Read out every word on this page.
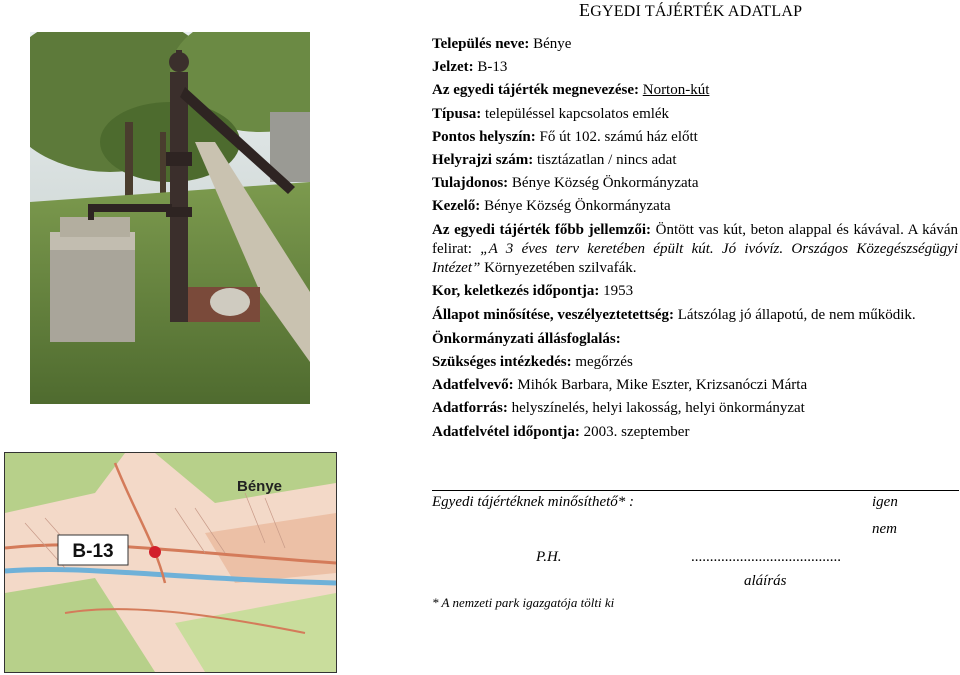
EGYEDI TÁJÉRTÉK ADATLAP
B-13
Bénye

Település neve: Bénye

Jelzet: B-13

Az egyedi tájérték megnevezése: Norton-kút

Típusa: településsel kapcsolatos emlék

Pontos helyszín: Fő út 102. számú ház előtt

Helyrajzi szám: tisztázatlan / nincs adat

Tulajdonos: Bénye Község Önkormányzata

Kezelő: Bénye Község Önkormányzata

Az egyedi tájérték főbb jellemzői: Öntött vas kút, beton alappal és kávával. A káván felirat: „A 3 éves terv keretében épült kút. Jó ivóvíz. Országos Közegészségügyi Intézet” Környezetében szilvafák.

Kor, keletkezés időpontja: 1953

Állapot minősítése, veszélyeztetettség: Látszólag jó állapotú, de nem működik.

Önkormányzati állásfoglalás:

Szükséges intézkedés: megőrzés

Adatfelvevő: Mihók Barbara, Mike Eszter, Krizsanóczi Márta

Adatforrás: helyszínelés, helyi lakosság, helyi önkormányzat

Adatfelvétel időpontja: 2003. szeptember

Egyedi tájértéknek minősíthető* :	igen
nem
P.H.	........................................
aláírás
* A nemzeti park igazgatója tölti ki
